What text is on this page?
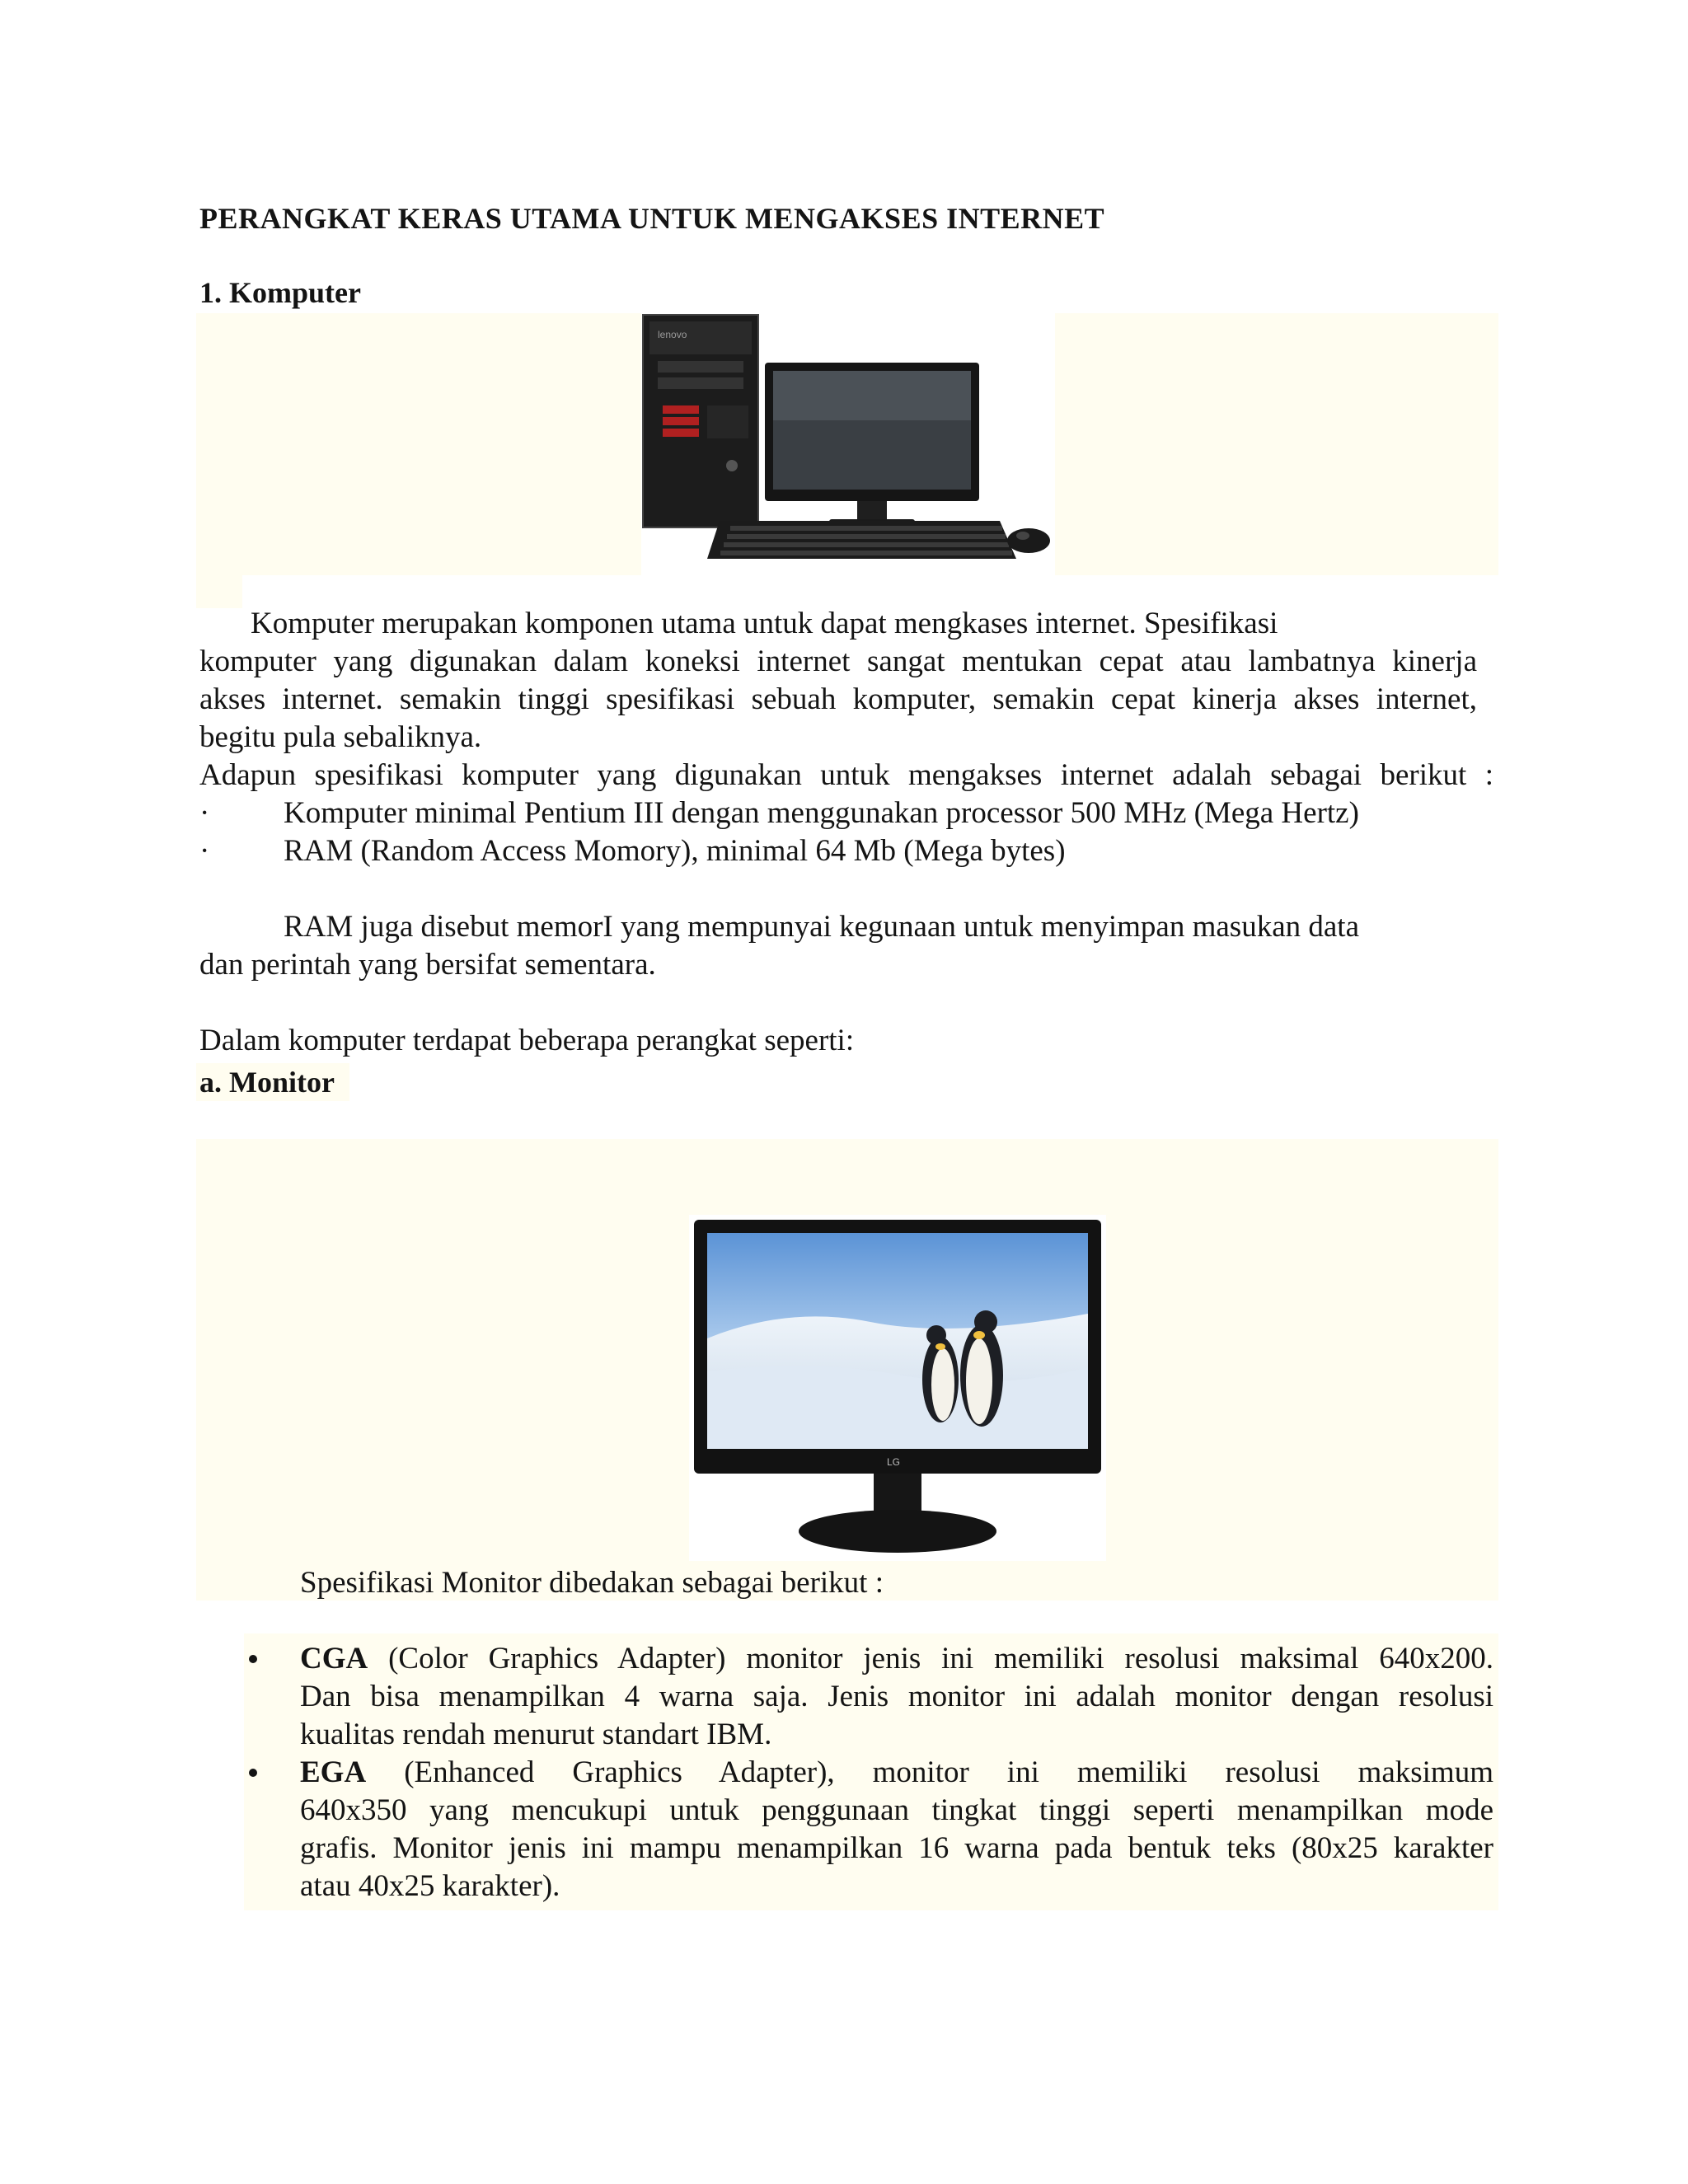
PERANGKAT KERAS UTAMA UNTUK MENGAKSES INTERNET
1. Komputer
lenovo
Komputer merupakan komponen utama untuk dapat mengkases internet. Spesifikasi
komputer yang digunakan dalam koneksi internet sangat mentukan cepat atau lambatnya kinerja
akses internet. semakin tinggi spesifikasi sebuah komputer, semakin cepat kinerja akses internet,
begitu pula sebaliknya.
Adapun spesifikasi komputer yang digunakan untuk mengakses internet adalah sebagai berikut :
· Komputer minimal Pentium III dengan menggunakan processor 500 MHz (Mega Hertz)
· RAM (Random Access Momory), minimal 64 Mb (Mega bytes)
RAM juga disebut memorI yang mempunyai kegunaan untuk menyimpan masukan data
dan perintah yang bersifat sementara.
Dalam komputer terdapat beberapa perangkat seperti:
a. Monitor
LG
Spesifikasi Monitor dibedakan sebagai berikut :
CGA (Color Graphics Adapter) monitor jenis ini memiliki resolusi maksimal 640x200.
Dan bisa menampilkan 4 warna saja. Jenis monitor ini adalah monitor dengan resolusi
kualitas rendah menurut standart IBM.
EGA (Enhanced Graphics Adapter), monitor ini memiliki resolusi maksimum
640x350 yang mencukupi untuk penggunaan tingkat tinggi seperti menampilkan mode
grafis. Monitor jenis ini mampu menampilkan 16 warna pada bentuk teks (80x25 karakter
atau 40x25 karakter).
